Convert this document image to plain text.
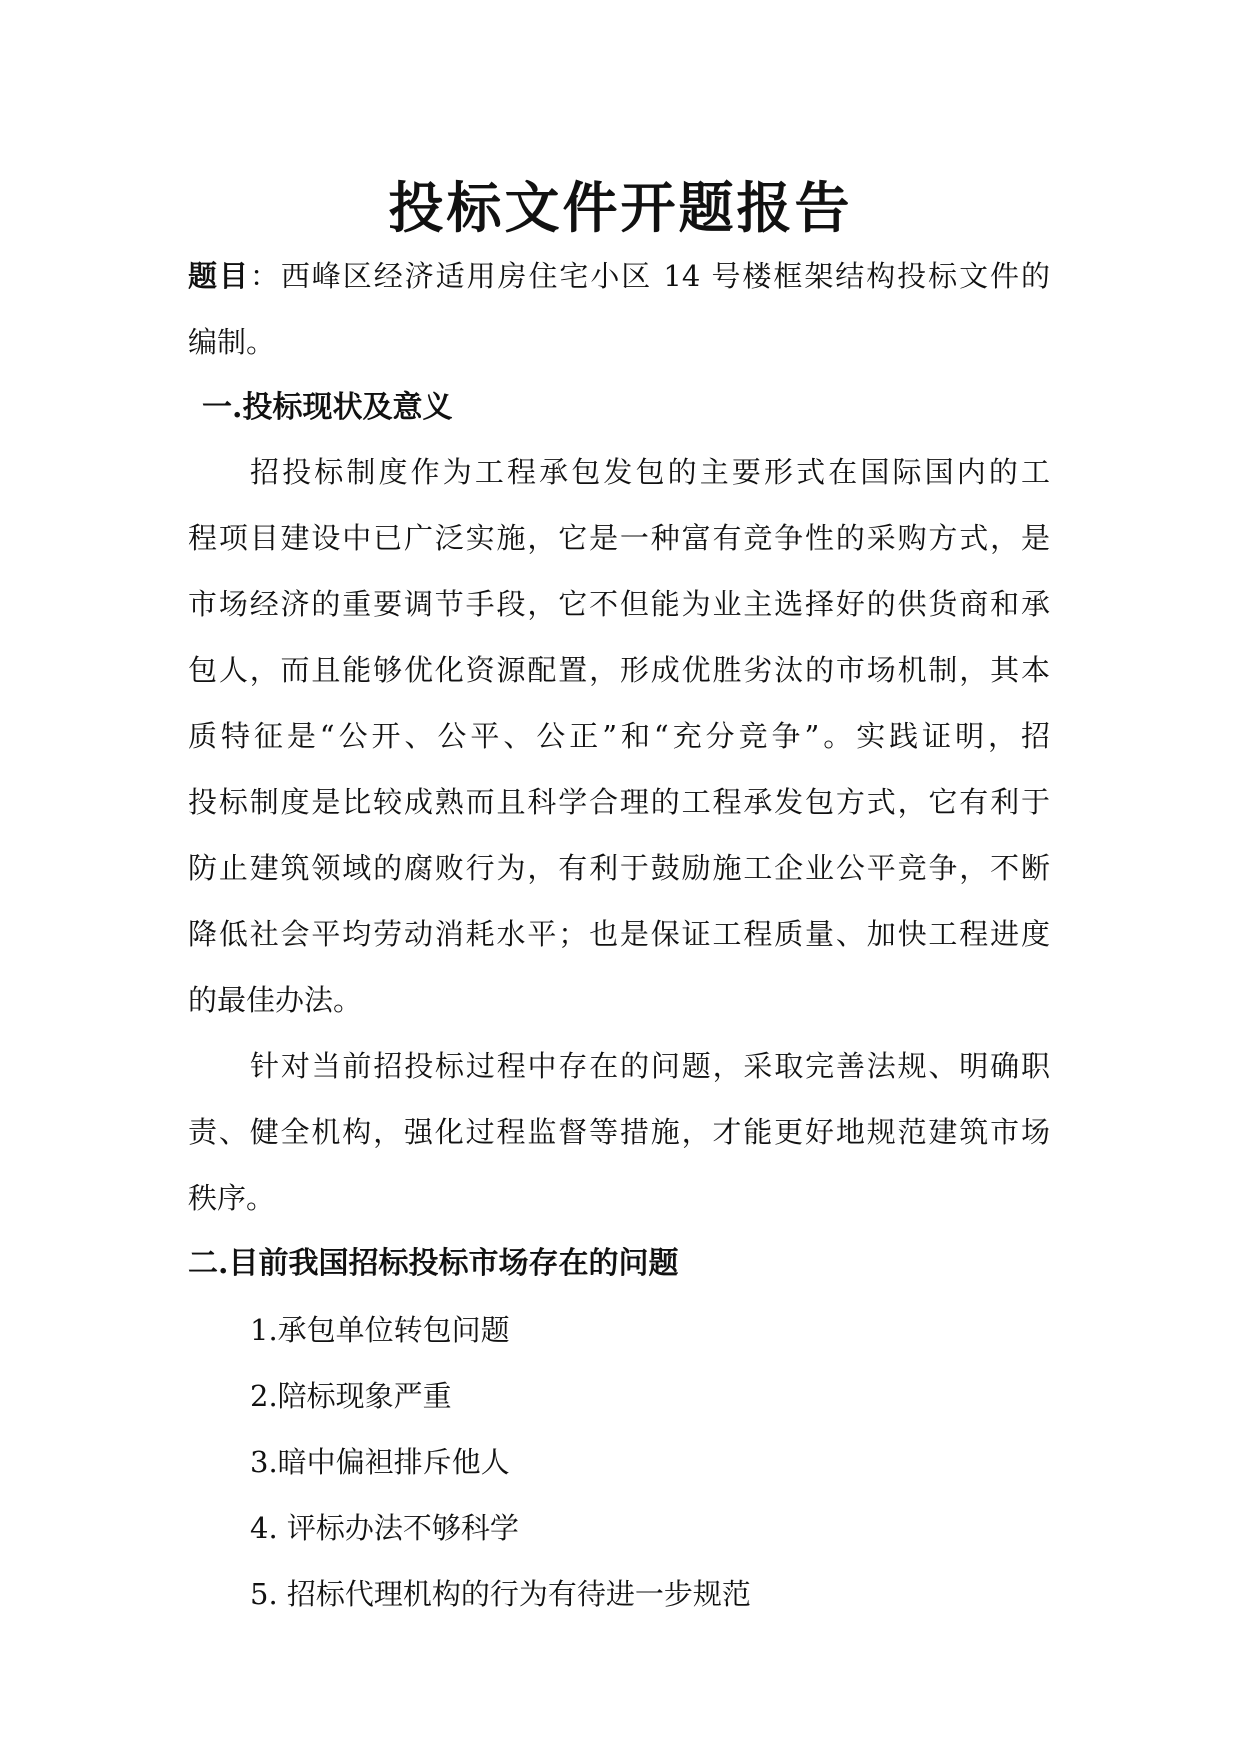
投标文件开题报告

题目：西峰区经济适用房住宅小区 14 号楼框架结构投标文件的

编制。

一.投标现状及意义

招投标制度作为工程承包发包的主要形式在国际国内的工

程项目建设中已广泛实施，它是一种富有竞争性的采购方式，是

市场经济的重要调节手段，它不但能为业主选择好的供货商和承

包人，而且能够优化资源配置，形成优胜劣汰的市场机制，其本

质特征是“公开、公平、公正”和“充分竞争”。实践证明，招

投标制度是比较成熟而且科学合理的工程承发包方式，它有利于

防止建筑领域的腐败行为，有利于鼓励施工企业公平竞争，不断

降低社会平均劳动消耗水平；也是保证工程质量、加快工程进度

的最佳办法。

针对当前招投标过程中存在的问题，采取完善法规、明确职

责、健全机构，强化过程监督等措施，才能更好地规范建筑市场

秩序。

二.目前我国招标投标市场存在的问题

1.承包单位转包问题

2.陪标现象严重

3.暗中偏袒排斥他人

4. 评标办法不够科学

5. 招标代理机构的行为有待进一步规范
